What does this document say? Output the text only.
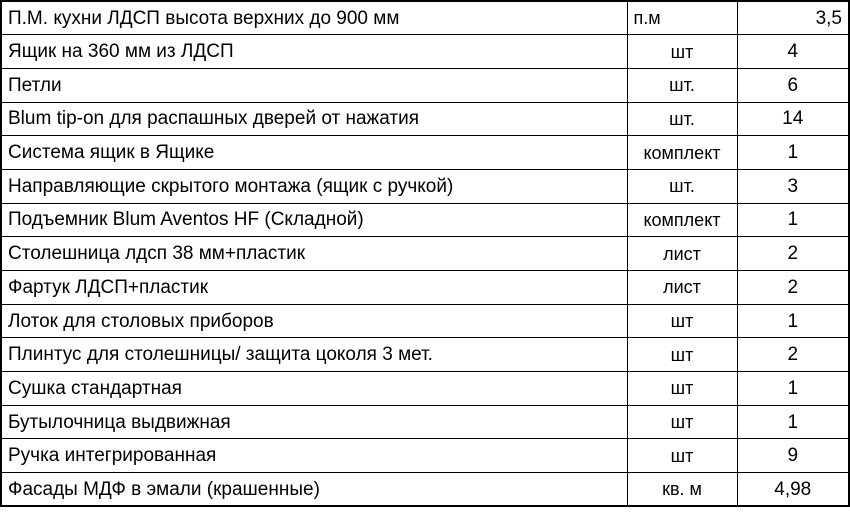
П.М. кухни ЛДСП высота верхних до 900 мм	п.м	3,5
Ящик на 360 мм из ЛДСП	шт	4
Петли	шт.	6
Blum tip-on для распашных дверей от нажатия	шт.	14
Система ящик в Ящике	комплект	1
Направляющие скрытого монтажа (ящик с ручкой)	шт.	3
Подъемник Blum Aventos HF (Складной)	комплект	1
Столешница лдсп 38 мм+пластик	лист	2
Фартук ЛДСП+пластик	лист	2
Лоток для столовых приборов	шт	1
Плинтус для столешницы/ защита цоколя 3 мет.	шт	2
Сушка стандартная	шт	1
Бутылочница выдвижная	шт	1
Ручка интегрированная	шт	9
Фасады МДФ в эмали (крашенные)	кв. м	4,98
